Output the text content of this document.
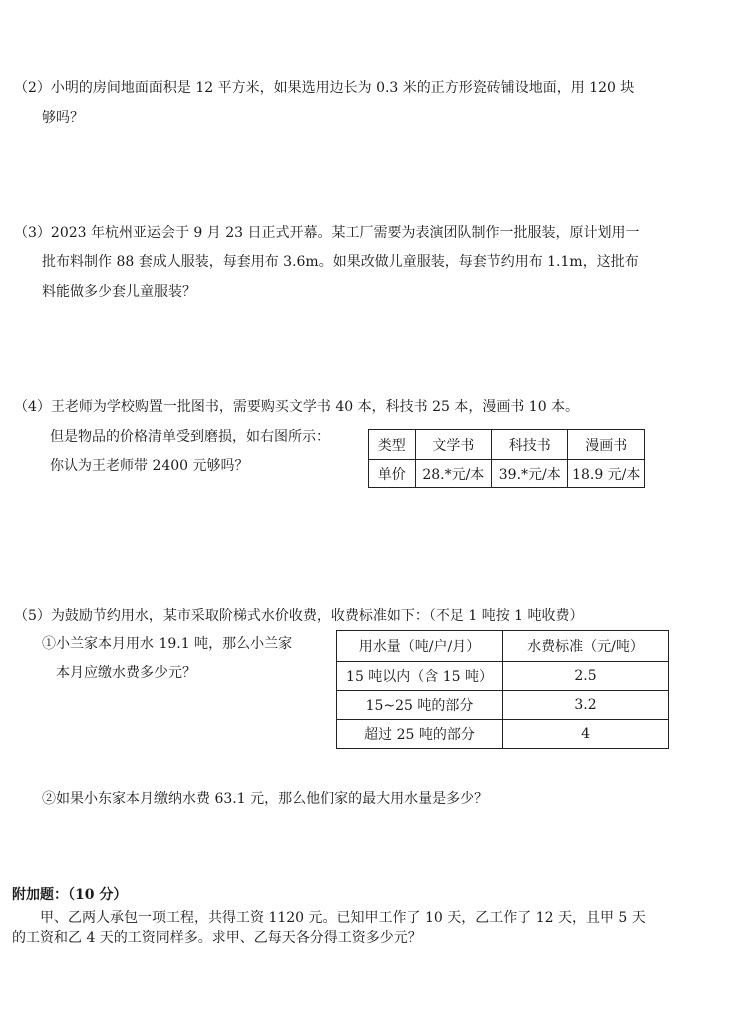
（2）小明的房间地面面积是 12 平方米，如果选用边长为 0.3 米的正方形瓷砖铺设地面，用 120 块
够吗？
（3）2023 年杭州亚运会于 9 月 23 日正式开幕。某工厂需要为表演团队制作一批服装，原计划用一
批布料制作 88 套成人服装，每套用布 3.6m。如果改做儿童服装，每套节约用布 1.1m，这批布
料能做多少套儿童服装？
（4）王老师为学校购置一批图书，需要购买文学书 40 本，科技书 25 本，漫画书 10 本。
但是物品的价格清单受到磨损，如右图所示：
你认为王老师带 2400 元够吗？
类型	文学书	科技书	漫画书
单价	28.*元/本	39.*元/本	18.9 元/本
（5）为鼓励节约用水，某市采取阶梯式水价收费，收费标准如下：（不足 1 吨按 1 吨收费）
①小兰家本月用水 19.1 吨，那么小兰家
本月应缴水费多少元？
用水量（吨/户/月）	水费标准（元/吨）
15 吨以内（含 15 吨）	2.5
15~25 吨的部分	3.2
超过 25 吨的部分	4
②如果小东家本月缴纳水费 63.1 元，那么他们家的最大用水量是多少？
附加题：（10 分）
甲、乙两人承包一项工程，共得工资 1120 元。已知甲工作了 10 天，乙工作了 12 天，且甲 5 天
的工资和乙 4 天的工资同样多。求甲、乙每天各分得工资多少元？
